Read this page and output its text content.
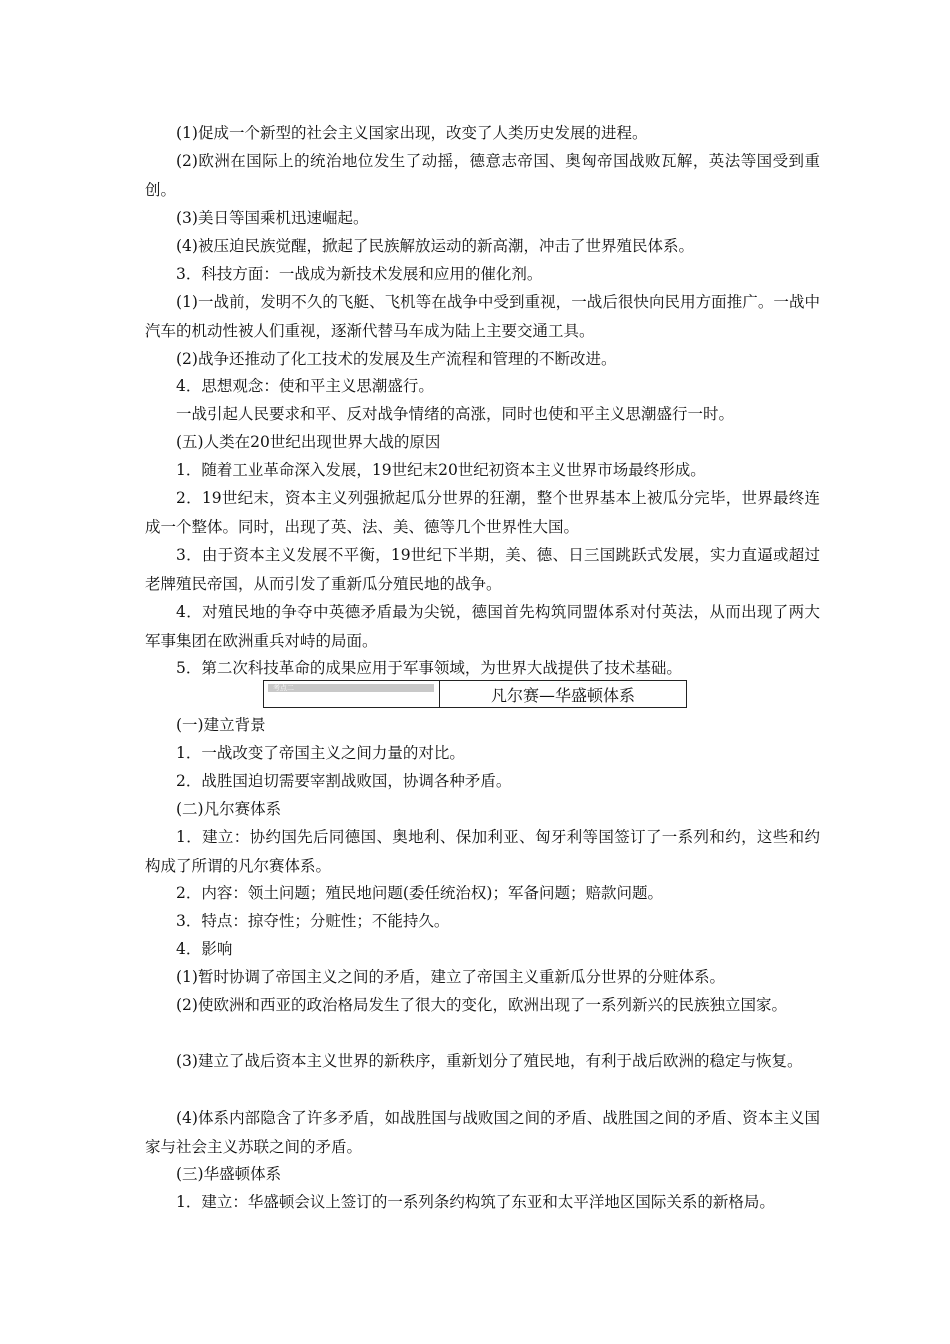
(1)促成一个新型的社会主义国家出现，改变了人类历史发展的进程。

(2)欧洲在国际上的统治地位发生了动摇，德意志帝国、奥匈帝国战败瓦解，英法等国受到重创。

(3)美日等国乘机迅速崛起。

(4)被压迫民族觉醒，掀起了民族解放运动的新高潮，冲击了世界殖民体系。

3．科技方面：一战成为新技术发展和应用的催化剂。

(1)一战前，发明不久的飞艇、飞机等在战争中受到重视，一战后很快向民用方面推广。一战中汽车的机动性被人们重视，逐渐代替马车成为陆上主要交通工具。

(2)战争还推动了化工技术的发展及生产流程和管理的不断改进。

4．思想观念：使和平主义思潮盛行。

一战引起人民要求和平、反对战争情绪的高涨，同时也使和平主义思潮盛行一时。

(五)人类在20世纪出现世界大战的原因

1．随着工业革命深入发展，19世纪末20世纪初资本主义世界市场最终形成。

2．19世纪末，资本主义列强掀起瓜分世界的狂潮，整个世界基本上被瓜分完毕，世界最终连成一个整体。同时，出现了英、法、美、德等几个世界性大国。

3．由于资本主义发展不平衡，19世纪下半期，美、德、日三国跳跃式发展，实力直逼或超过老牌殖民帝国，从而引发了重新瓜分殖民地的战争。

4．对殖民地的争夺中英德矛盾最为尖锐，德国首先构筑同盟体系对付英法，从而出现了两大军事集团在欧洲重兵对峙的局面。

5．第二次科技革命的成果应用于军事领域，为世界大战提供了技术基础。

考点二	凡尔赛—华盛顿体系

(一)建立背景

1．一战改变了帝国主义之间力量的对比。

2．战胜国迫切需要宰割战败国，协调各种矛盾。

(二)凡尔赛体系

1．建立：协约国先后同德国、奥地利、保加利亚、匈牙利等国签订了一系列和约，这些和约构成了所谓的凡尔赛体系。

2．内容：领土问题；殖民地问题(委任统治权)；军备问题；赔款问题。

3．特点：掠夺性；分赃性；不能持久。

4．影响

(1)暂时协调了帝国主义之间的矛盾，建立了帝国主义重新瓜分世界的分赃体系。

(2)使欧洲和西亚的政治格局发生了很大的变化，欧洲出现了一系列新兴的民族独立国家。

(3)建立了战后资本主义世界的新秩序，重新划分了殖民地，有利于战后欧洲的稳定与恢复。

(4)体系内部隐含了许多矛盾，如战胜国与战败国之间的矛盾、战胜国之间的矛盾、资本主义国家与社会主义苏联之间的矛盾。

(三)华盛顿体系

1．建立：华盛顿会议上签订的一系列条约构筑了东亚和太平洋地区国际关系的新格局。
